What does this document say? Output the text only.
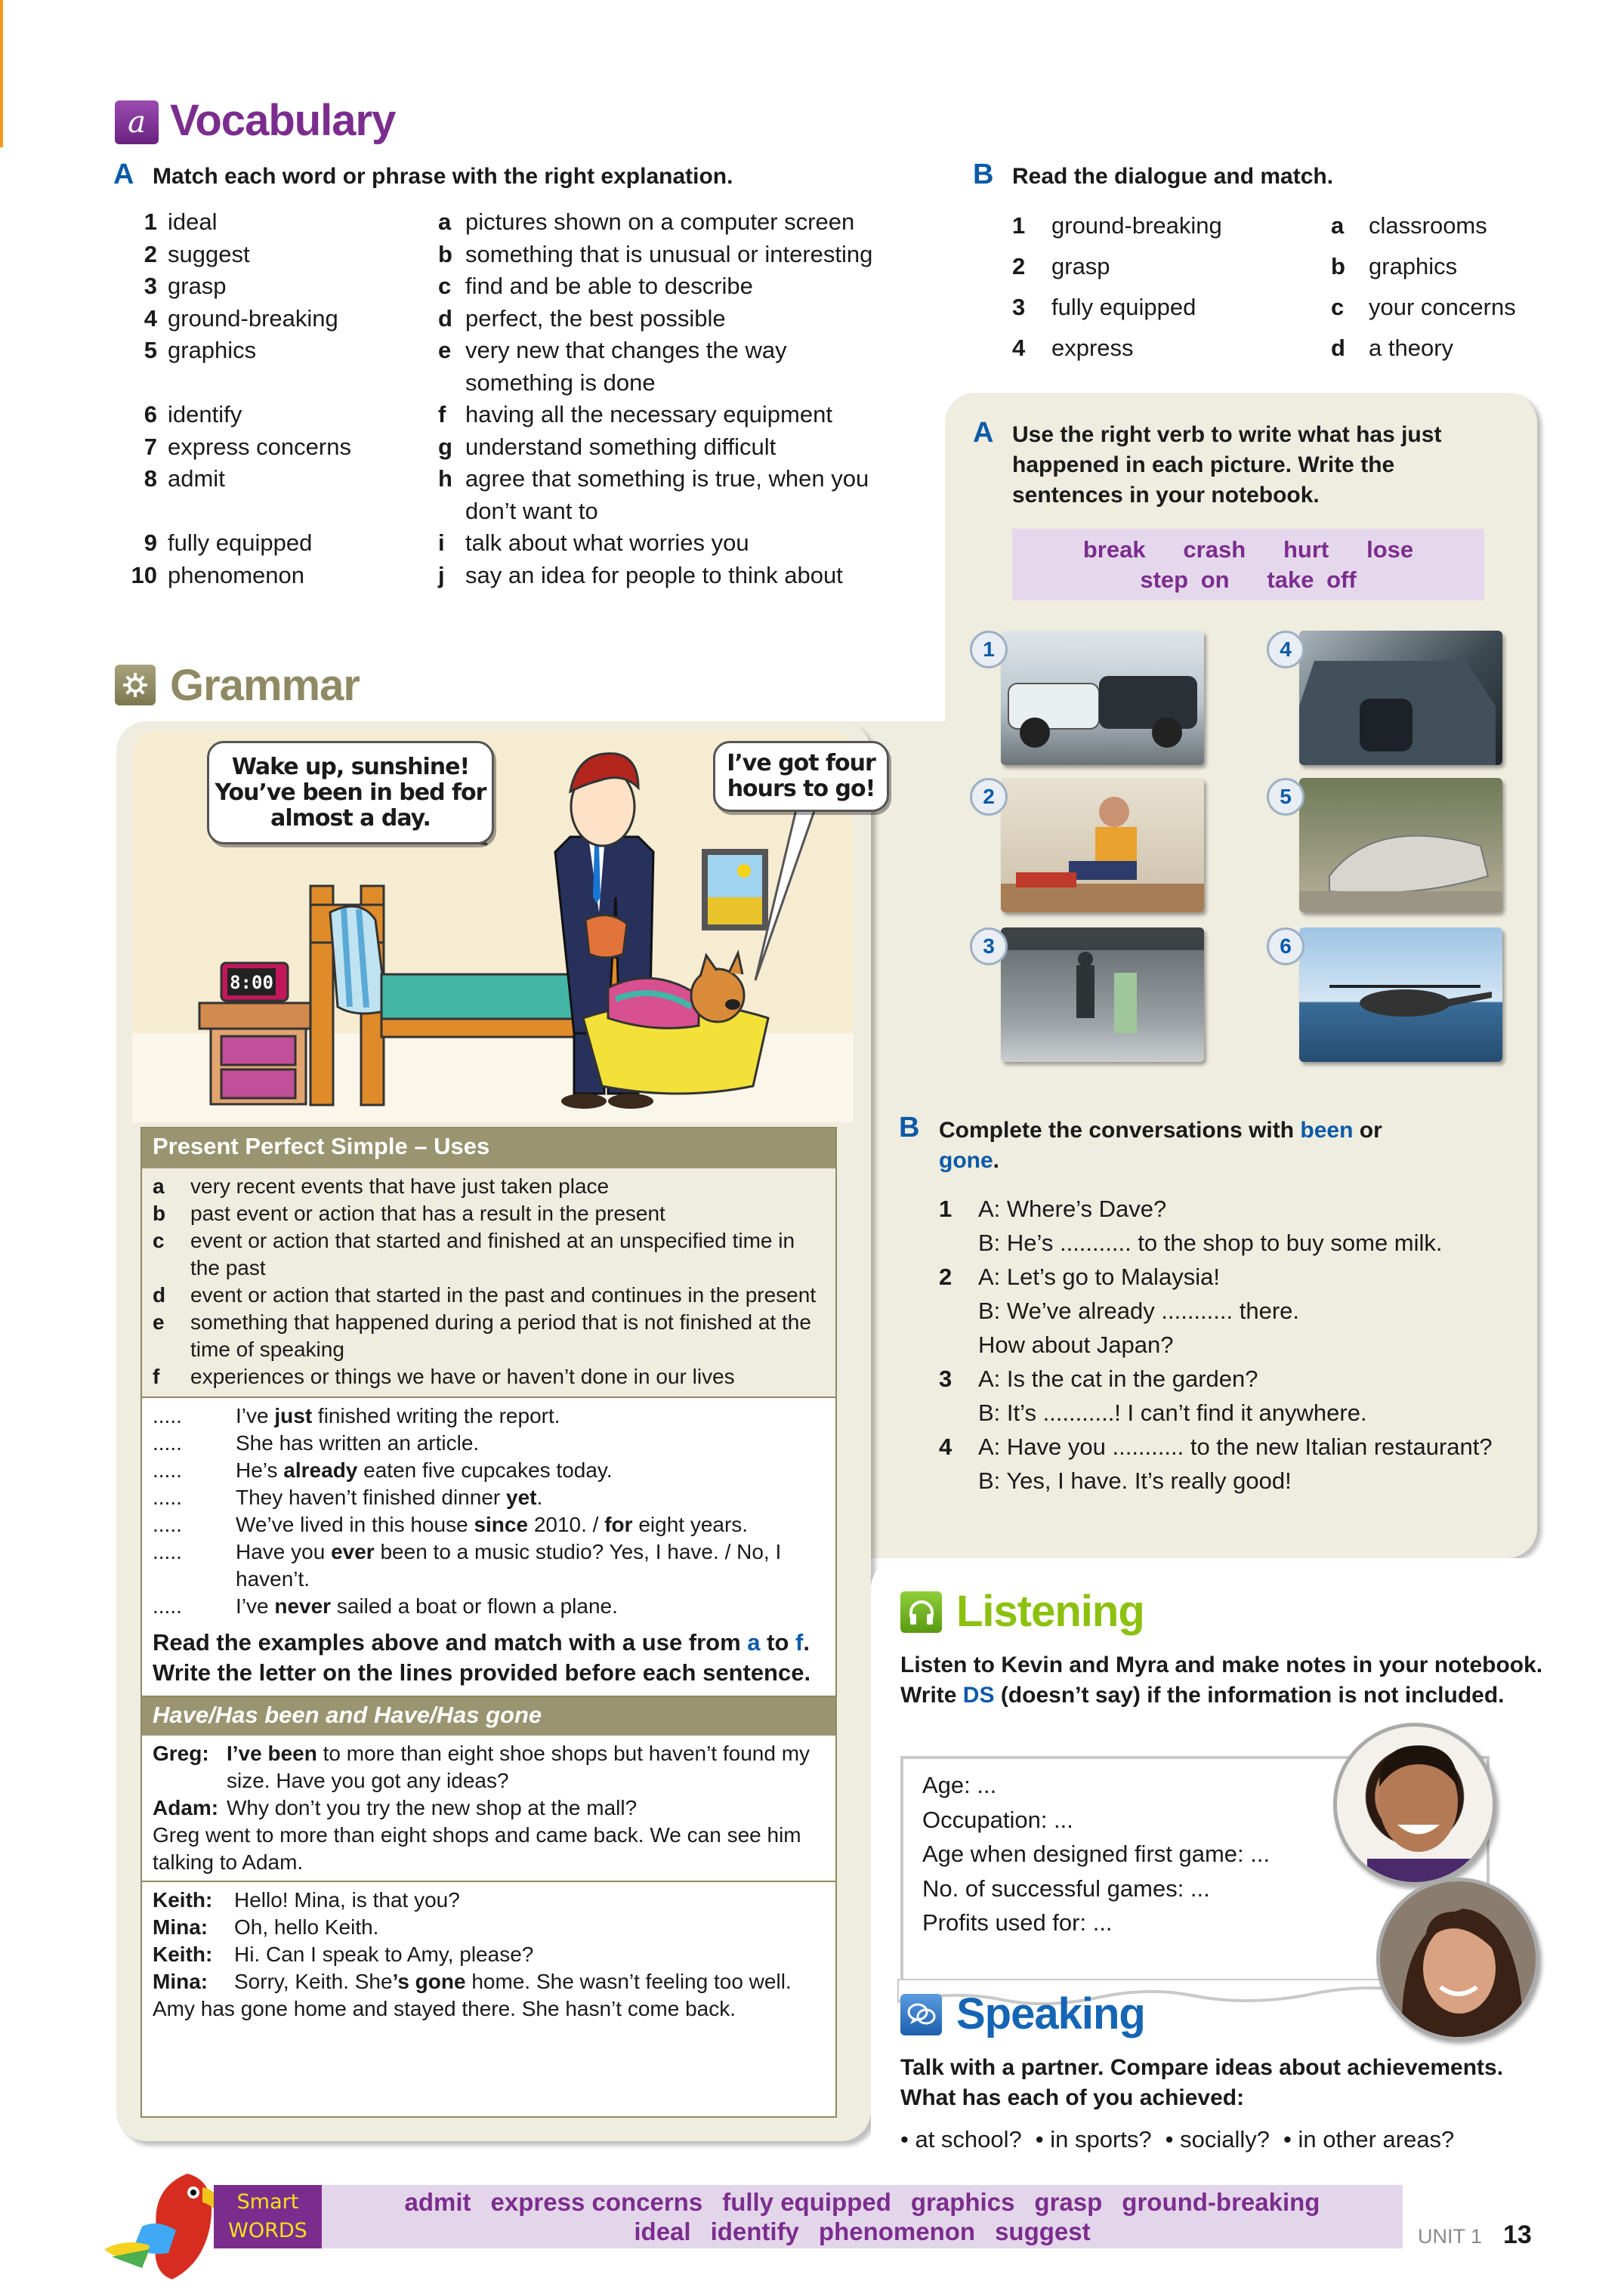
a Vocabulary
A Match each word or phrase with the right explanation.
1 ideal	a pictures shown on a computer screen
2 suggest	b something that is unusual or interesting
3 grasp	c find and be able to describe
4 ground-breaking	d perfect, the best possible
5 graphics	e very new that changes the way something is done
6 identify	f having all the necessary equipment
7 express concerns	g understand something difficult
8 admit	h agree that something is true, when you don’t want to
9 fully equipped	i talk about what worries you
10 phenomenon	j say an idea for people to think about
B Read the dialogue and match.
1	ground-breaking	a	classrooms
2	grasp	b	graphics
3	fully equipped	c	your concerns
4	express	d	a theory
Grammar
8:00
Wake up, sunshine!
You’ve been in bed for
almost a day.
I’ve got four
hours to go!
Present Perfect Simple – Uses
a	very recent events that have just taken place
b	past event or action that has a result in the present
c	event or action that started and finished at an unspecified time in the past
d	event or action that started in the past and continues in the present
e	something that happened during a period that is not finished at the time of speaking
f	experiences or things we have or haven’t done in our lives
.....	I’ve just finished writing the report.
.....	She has written an article.
.....	He’s already eaten five cupcakes today.
.....	They haven’t finished dinner yet.
.....	We’ve lived in this house since 2010. / for eight years.
.....	Have you ever been to a music studio? Yes, I have. / No, I haven’t.
.....	I’ve never sailed a boat or flown a plane.
Read the examples above and match with a use from a to f. Write the letter on the lines provided before each sentence.
Have/Has been and Have/Has gone
Greg: I’ve been to more than eight shoe shops but haven’t found my size. Have you got any ideas?
Adam: Why don’t you try the new shop at the mall?
Greg went to more than eight shops and came back. We can see him talking to Adam.
Keith:	Hello! Mina, is that you?
Mina:	Oh, hello Keith.
Keith:	Hi. Can I speak to Amy, please?
Mina:	Sorry, Keith. She’s gone home. She wasn’t feeling too well.
Amy has gone home and stayed there. She hasn’t come back.
A Use the right verb to write what has just happened in each picture. Write the sentences in your notebook.
break   crash   hurt   lose
step on   take off
1
2
3
4
5
6
B Complete the conversations with been or gone.
1	A: Where’s Dave?
B: He’s ........... to the shop to buy some milk.
2	A: Let’s go to Malaysia!
B: We’ve already ........... there.
How about Japan?
3	A: Is the cat in the garden?
B: It’s ...........! I can’t find it anywhere.
4	A: Have you ........... to the new Italian restaurant? B: Yes, I have. It’s really good!
Listening
Listen to Kevin and Myra and make notes in your notebook. Write DS (doesn’t say) if the information is not included.
Age: ...
Occupation: ...
Age when designed first game: ...
No. of successful games: ...
Profits used for: ...
Speaking
Talk with a partner. Compare ideas about achievements. What has each of you achieved:
• at school? • in sports? • socially? • in other areas?
Smart
WORDS
admit express concerns fully equipped graphics grasp ground-breaking
ideal identify phenomenon suggest	UNIT 1 13
